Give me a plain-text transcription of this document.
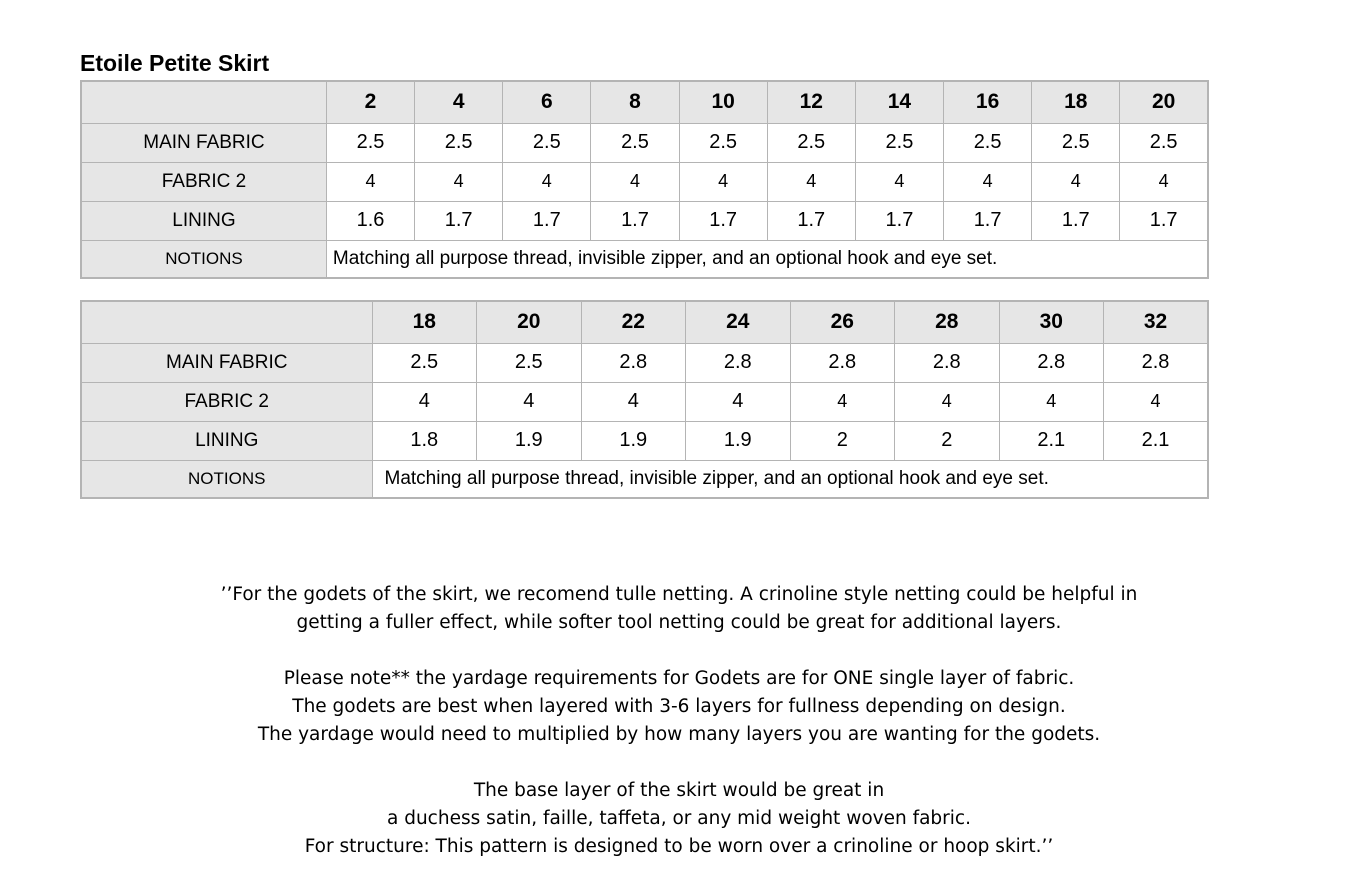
Etoile Petite Skirt
	2	4	6	8	10	12	14	16	18	20
MAIN FABRIC	2.5	2.5	2.5	2.5	2.5	2.5	2.5	2.5	2.5	2.5
FABRIC 2	4	4	4	4	4	4	4	4	4	4
LINING	1.6	1.7	1.7	1.7	1.7	1.7	1.7	1.7	1.7	1.7
NOTIONS	Matching all purpose thread, invisible zipper, and an optional hook and eye set.									
	18	20	22	24	26	28	30	32
MAIN FABRIC	2.5	2.5	2.8	2.8	2.8	2.8	2.8	2.8
FABRIC 2	4	4	4	4	4	4	4	4
LINING	1.8	1.9	1.9	1.9	2	2	2.1	2.1
NOTIONS	Matching all purpose thread, invisible zipper, and an optional hook and eye set.							

’’For the godets of the skirt, we recomend tulle netting. A crinoline style netting could be helpful in

getting a fuller effect, while softer tool netting could be great for additional layers.

Please note** the yardage requirements for Godets are for ONE single layer of fabric.

The godets are best when layered with 3-6 layers for fullness depending on design.

The yardage would need to multiplied by how many layers you are wanting for the godets.

The base layer of the skirt would be great in

a duchess satin, faille, taffeta, or any mid weight woven fabric.

For structure: This pattern is designed to be worn over a crinoline or hoop skirt.’’
